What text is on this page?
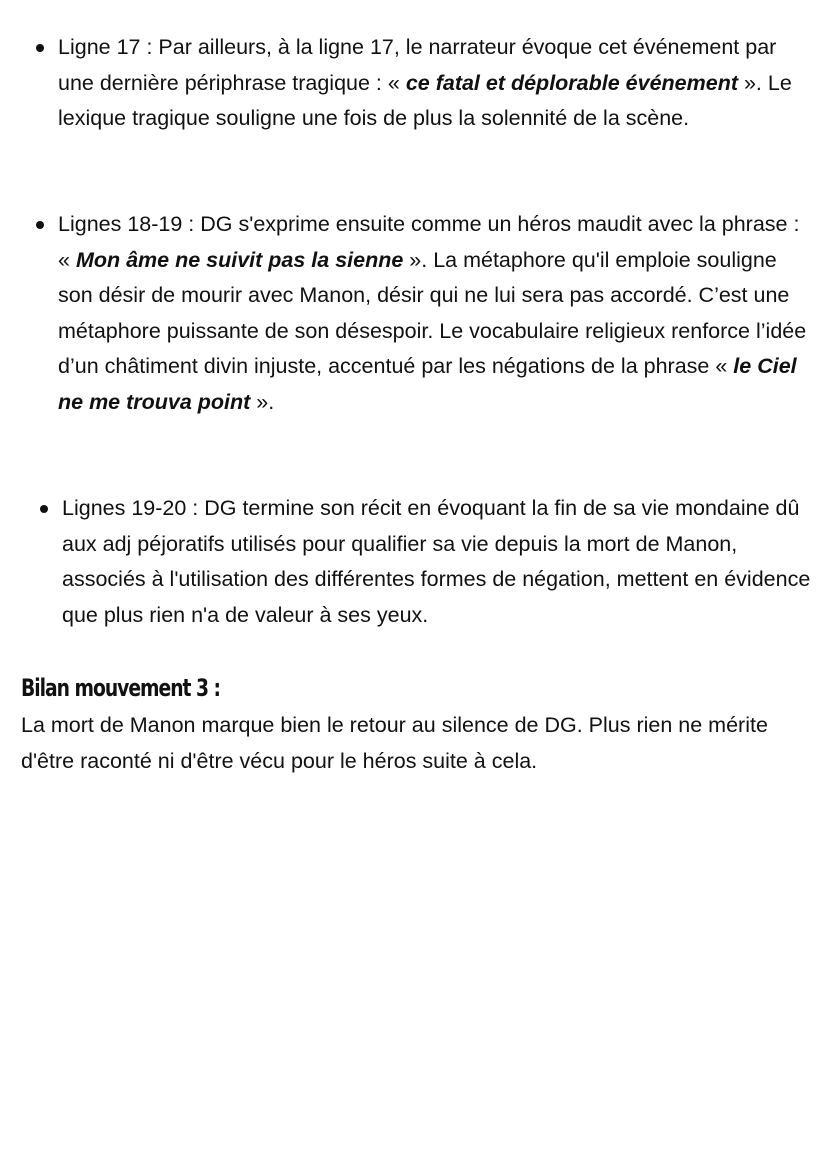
Ligne 17 : Par ailleurs, à la ligne 17, le narrateur évoque cet événement par une dernière périphrase tragique : « ce fatal et déplorable événement ». Le lexique tragique souligne une fois de plus la solennité de la scène.
Lignes 18-19 : DG s'exprime ensuite comme un héros maudit avec la phrase : « Mon âme ne suivit pas la sienne ». La métaphore qu'il emploie souligne son désir de mourir avec Manon, désir qui ne lui sera pas accordé. C’est une métaphore puissante de son désespoir. Le vocabulaire religieux renforce l’idée d’un châtiment divin injuste, accentué par les négations de la phrase « le Ciel ne me trouva point ».
Lignes 19-20 : DG termine son récit en évoquant la fin de sa vie mondaine dû aux adj péjoratifs utilisés pour qualifier sa vie depuis la mort de Manon, associés à l'utilisation des différentes formes de négation, mettent en évidence que plus rien n'a de valeur à ses yeux.
Bilan mouvement 3 :
La mort de Manon marque bien le retour au silence de DG. Plus rien ne mérite d'être raconté ni d'être vécu pour le héros suite à cela.
